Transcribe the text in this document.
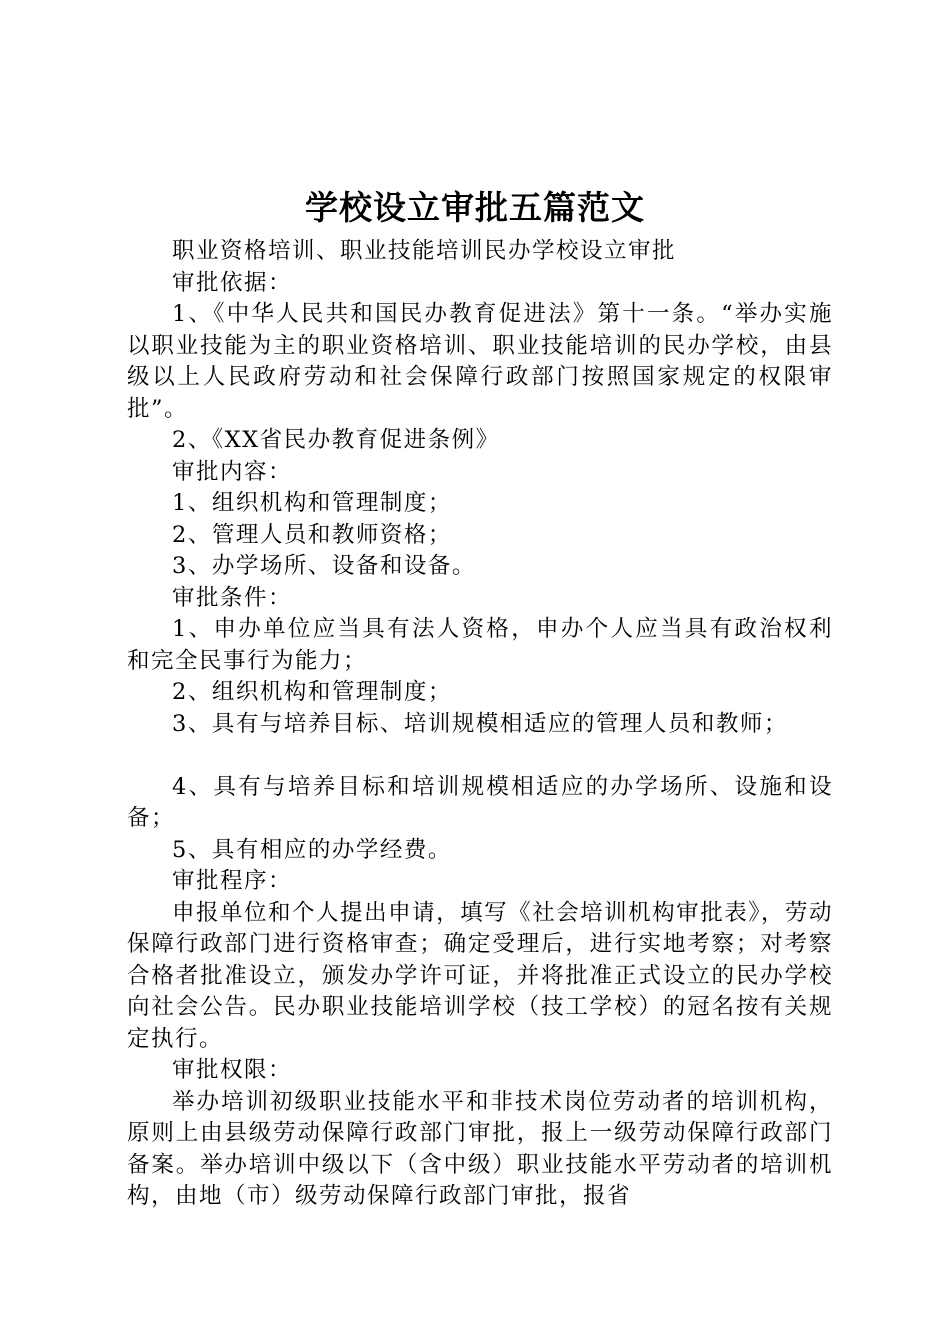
学校设立审批五篇范文

职业资格培训、职业技能培训民办学校设立审批

审批依据：

1、《中华人民共和国民办教育促进法》第十一条。“举办实施以职业技能为主的职业资格培训、职业技能培训的民办学校，由县级以上人民政府劳动和社会保障行政部门按照国家规定的权限审批”。

2、《XX省民办教育促进条例》

审批内容：

1、组织机构和管理制度；

2、管理人员和教师资格；

3、办学场所、设备和设备。

审批条件：

1、申办单位应当具有法人资格，申办个人应当具有政治权利和完全民事行为能力；

2、组织机构和管理制度；

3、具有与培养目标、培训规模相适应的管理人员和教师；

4、具有与培养目标和培训规模相适应的办学场所、设施和设备；

5、具有相应的办学经费。

审批程序：

申报单位和个人提出申请，填写《社会培训机构审批表》，劳动保障行政部门进行资格审查；确定受理后，进行实地考察；对考察合格者批准设立，颁发办学许可证，并将批准正式设立的民办学校向社会公告。民办职业技能培训学校（技工学校）的冠名按有关规定执行。

审批权限：

举办培训初级职业技能水平和非技术岗位劳动者的培训机构，原则上由县级劳动保障行政部门审批，报上一级劳动保障行政部门备案。举办培训中级以下（含中级）职业技能水平劳动者的培训机构，由地（市）级劳动保障行政部门审批，报省
